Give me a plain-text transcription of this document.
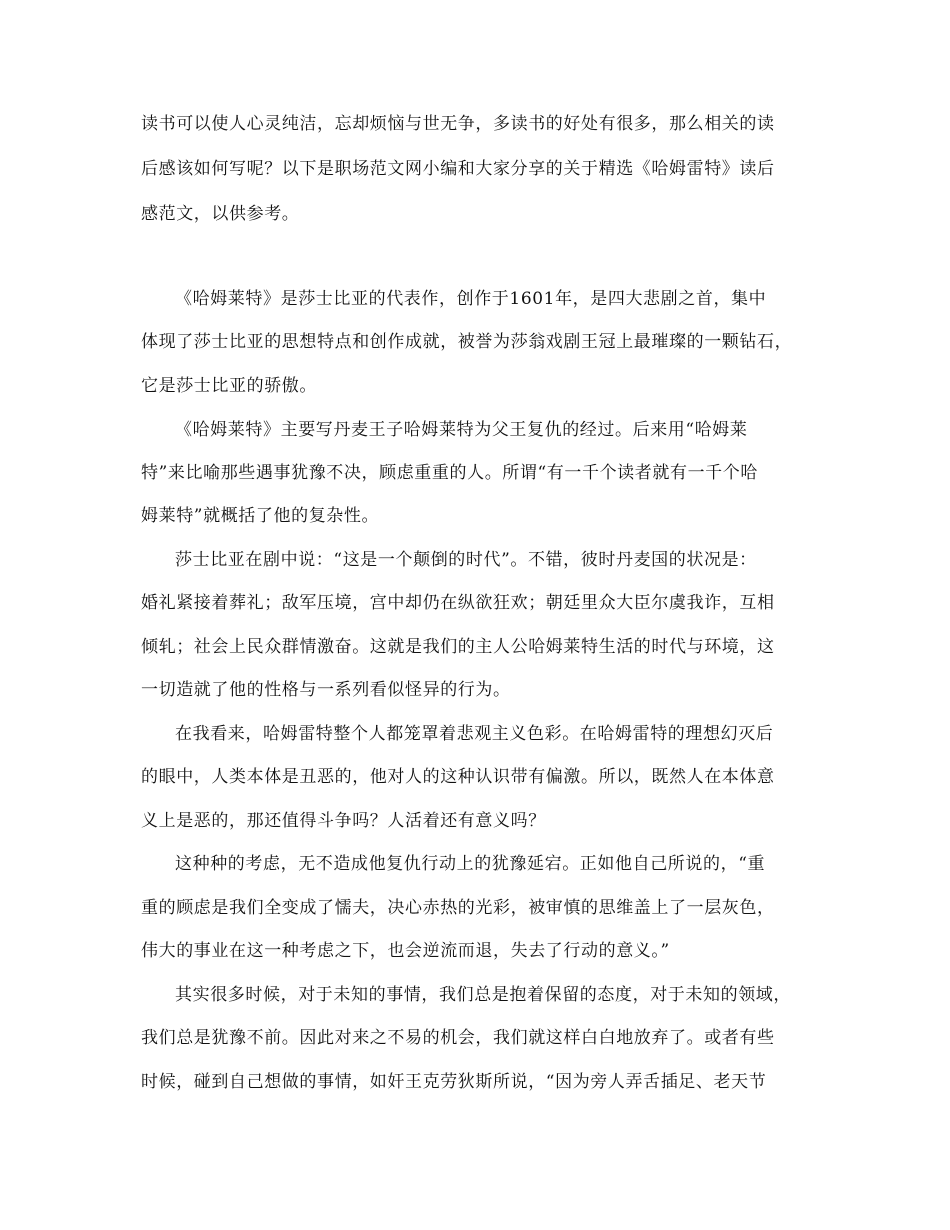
读书可以使人心灵纯洁，忘却烦恼与世无争，多读书的好处有很多，那么相关的读

后感该如何写呢？以下是职场范文网小编和大家分享的关于精选《哈姆雷特》读后

感范文，以供参考。

《哈姆莱特》是莎士比亚的代表作，创作于1601年，是四大悲剧之首，集中

体现了莎士比亚的思想特点和创作成就，被誉为莎翁戏剧王冠上最璀璨的一颗钻石，

它是莎士比亚的骄傲。

《哈姆莱特》主要写丹麦王子哈姆莱特为父王复仇的经过。后来用“哈姆莱

特”来比喻那些遇事犹豫不决，顾虑重重的人。所谓“有一千个读者就有一千个哈

姆莱特”就概括了他的复杂性。

莎士比亚在剧中说：“这是一个颠倒的时代”。不错，彼时丹麦国的状况是：

婚礼紧接着葬礼；敌军压境，宫中却仍在纵欲狂欢；朝廷里众大臣尔虞我诈，互相

倾轧；社会上民众群情激奋。这就是我们的主人公哈姆莱特生活的时代与环境，这

一切造就了他的性格与一系列看似怪异的行为。

在我看来，哈姆雷特整个人都笼罩着悲观主义色彩。在哈姆雷特的理想幻灭后

的眼中，人类本体是丑恶的，他对人的这种认识带有偏激。所以，既然人在本体意

义上是恶的，那还值得斗争吗？人活着还有意义吗？

这种种的考虑，无不造成他复仇行动上的犹豫延宕。正如他自己所说的，“重

重的顾虑是我们全变成了懦夫，决心赤热的光彩，被审慎的思维盖上了一层灰色，

伟大的事业在这一种考虑之下，也会逆流而退，失去了行动的意义。”

其实很多时候，对于未知的事情，我们总是抱着保留的态度，对于未知的领域，

我们总是犹豫不前。因此对来之不易的机会，我们就这样白白地放弃了。或者有些

时候，碰到自己想做的事情，如奸王克劳狄斯所说，“因为旁人弄舌插足、老天节
